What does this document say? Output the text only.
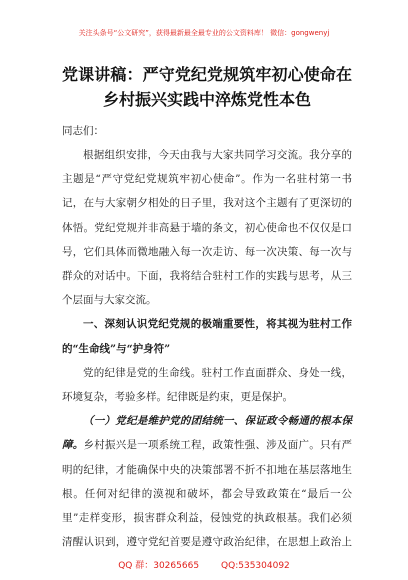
关注头条号“公文研究”，获得最新最全最专业的公文资料库！ 微信：gongwenyj
党课讲稿：严守党纪党规筑牢初心使命在
乡村振兴实践中淬炼党性本色
同志们：
根据组织安排，今天由我与大家共同学习交流。我分享的
主题是“严守党纪党规筑牢初心使命”。作为一名驻村第一书
记，在与大家朝夕相处的日子里，我对这个主题有了更深切的
体悟。党纪党规并非高悬于墙的条文，初心使命也不仅仅是口
号，它们具体而微地融入每一次走访、每一次决策、每一次与
群众的对话中。下面，我将结合驻村工作的实践与思考，从三
个层面与大家交流。
一、深刻认识党纪党规的极端重要性，将其视为驻村工作
的“生命线”与“护身符”
党的纪律是党的生命线。驻村工作直面群众、身处一线，
环境复杂，考验多样。纪律既是约束，更是保护。
（一）党纪是维护党的团结统一、保证政令畅通的根本保
障。乡村振兴是一项系统工程，政策性强、涉及面广。只有严
明的纪律，才能确保中央的决策部署不折不扣地在基层落地生
根。任何对纪律的漠视和破坏，都会导致政策在“最后一公
里”走样变形，损害群众利益，侵蚀党的执政根基。我们必须
清醒认识到，遵守党纪首要是遵守政治纪律，在思想上政治上
QQ 群：30265665 QQ:535304092
